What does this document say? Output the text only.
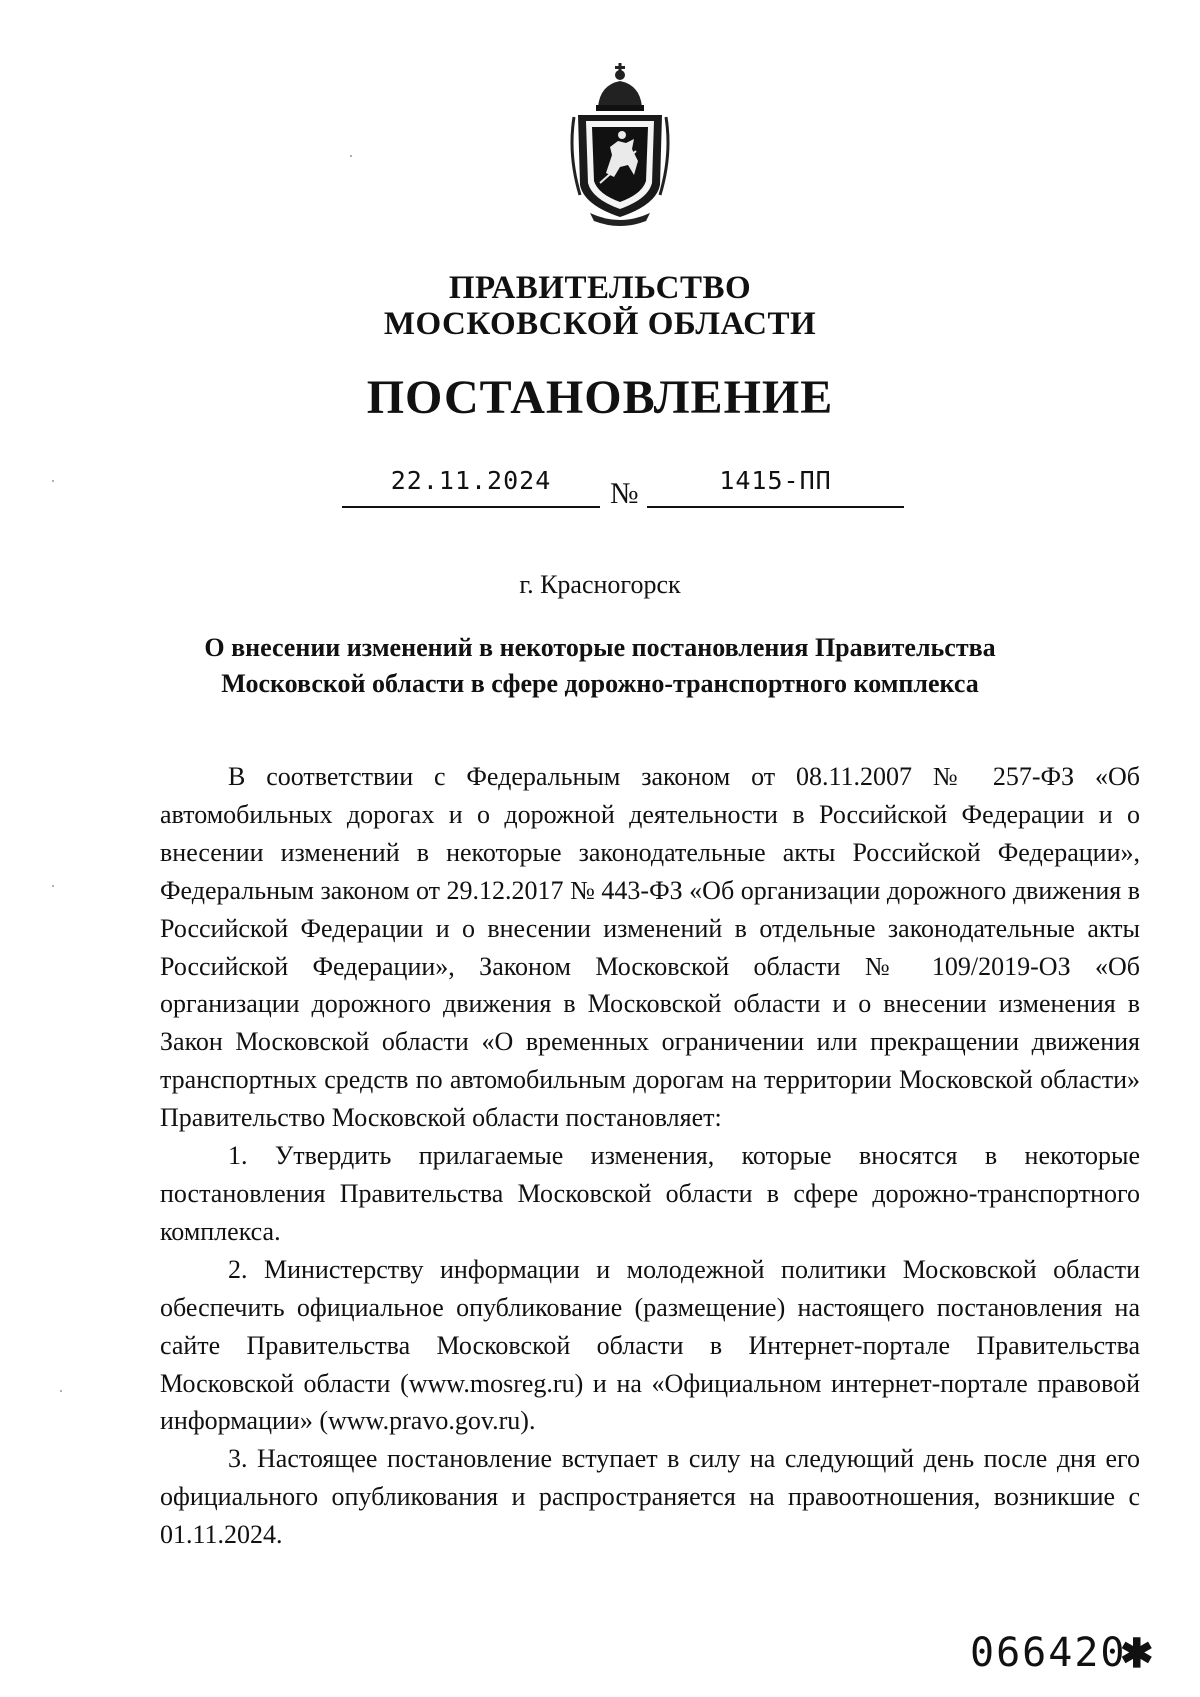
ПРАВИТЕЛЬСТВО
МОСКОВСКОЙ ОБЛАСТИ
ПОСТАНОВЛЕНИЕ
22.11.2024	№	1415-ПП
г. Красногорск
О внесении изменений в некоторые постановления Правительства
Московской области в сфере дорожно-транспортного комплекса

В соответствии с Федеральным законом от 08.11.2007 № 257-ФЗ «Об автомобильных дорогах и о дорожной деятельности в Российской Федерации и о внесении изменений в некоторые законодательные акты Российской Федерации», Федеральным законом от 29.12.2017 № 443-ФЗ «Об организации дорожного движения в Российской Федерации и о внесении изменений в отдельные законодательные акты Российской Федерации», Законом Московской области № 109/2019-ОЗ «Об организации дорожного движения в Московской области и о внесении изменения в Закон Московской области «О временных ограничении или прекращении движения транспортных средств по автомобильным дорогам на территории Московской области» Правительство Московской области постановляет:

1. Утвердить прилагаемые изменения, которые вносятся в некоторые постановления Правительства Московской области в сфере дорожно-транспортного комплекса.

2. Министерству информации и молодежной политики Московской области обеспечить официальное опубликование (размещение) настоящего постановления на сайте Правительства Московской области в Интернет-портале Правительства Московской области (www.mosreg.ru) и на «Официальном интернет-портале правовой информации» (www.pravo.gov.ru).

3. Настоящее постановление вступает в силу на следующий день после дня его официального опубликования и распространяется на правоотношения, возникшие с 01.11.2024.

066420
✱
